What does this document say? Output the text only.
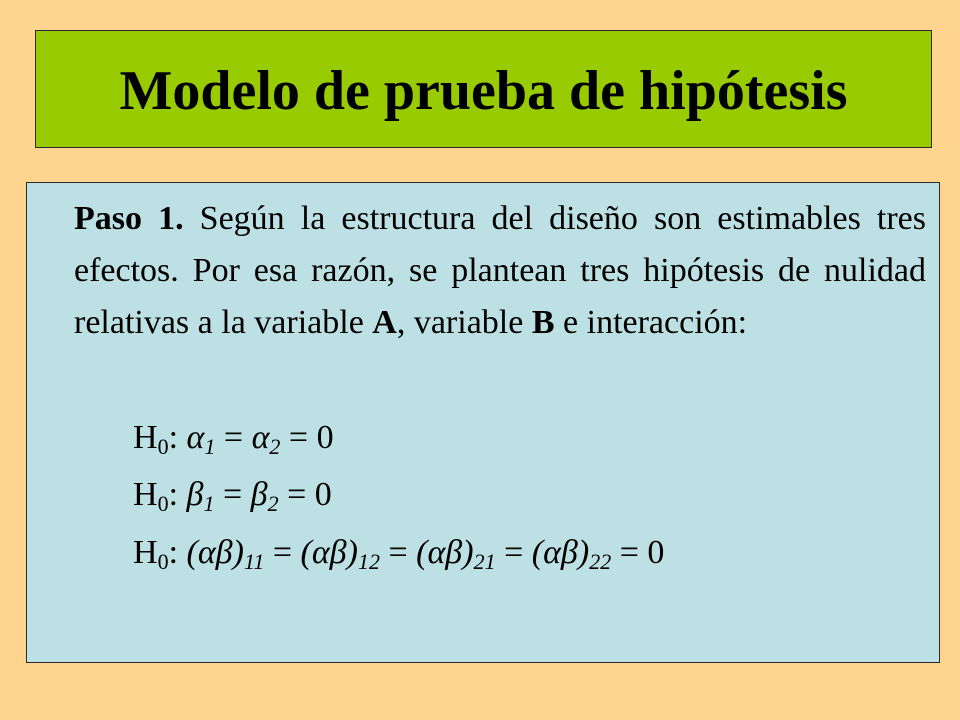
Modelo de prueba de hipótesis

Paso 1. Según la estructura del diseño son estimables tres efectos. Por esa razón, se plantean tres hipótesis de nulidad relativas a la variable A, variable B e interacción:

$H_0$: $\alpha_1 = \alpha_2 = 0$
$H_0$: $\beta_1 = \beta_2 = 0$
$H_0$: $(\alpha\beta)_{11} = (\alpha\beta)_{12} = (\alpha\beta)_{21} = (\alpha\beta)_{22} = 0$
